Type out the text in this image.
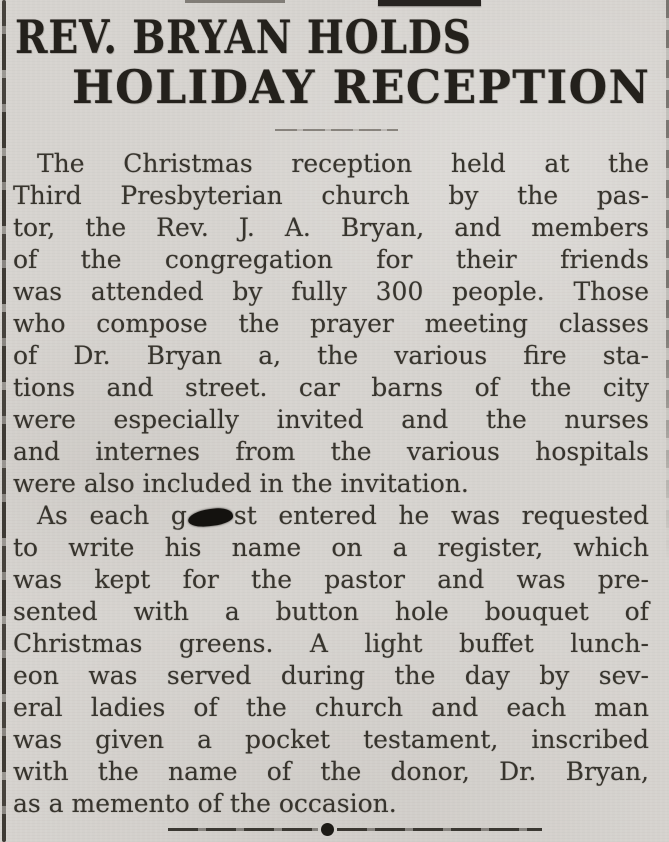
REV. BRYAN HOLDS
HOLIDAY RECEPTION
The Christmas reception held at the
Third Presbyterian church by the pas-
tor, the Rev. J. A. Bryan, and members
of the congregation for their friends
was attended by fully 300 people. Those
who compose the prayer meeting classes
of Dr. Bryan a, the various fire sta-
tions and street. car barns of the city
were especially invited and the nurses
and internes from the various hospitals
were also included in the invitation.
As each g st entered he was requested
to write his name on a register, which
was kept for the pastor and was pre-
sented with a button hole bouquet of
Christmas greens. A light buffet lunch-
eon was served during the day by sev-
eral ladies of the church and each man
was given a pocket testament, inscribed
with the name of the donor, Dr. Bryan,
as a memento of the occasion.
